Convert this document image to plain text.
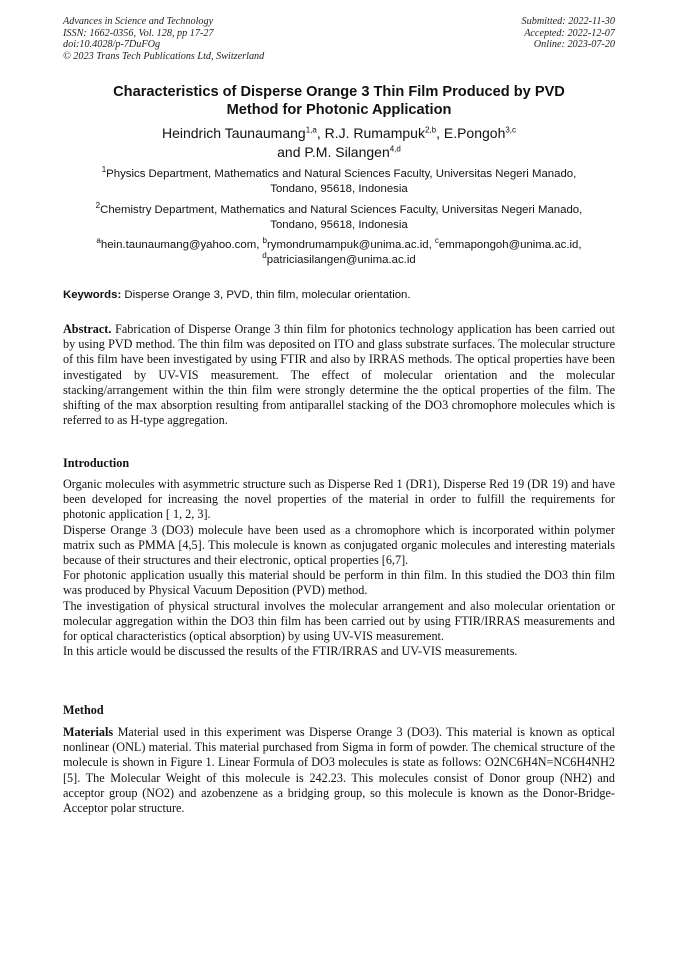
Advances in Science and Technology
ISSN: 1662-0356, Vol. 128, pp 17-27
doi:10.4028/p-7DuFOg
© 2023 Trans Tech Publications Ltd, Switzerland
Submitted: 2022-11-30
Accepted: 2022-12-07
Online: 2023-07-20
Characteristics of Disperse Orange 3 Thin Film Produced by PVD
Method for Photonic Application
Heindrich Taunaumang$^{1,a}$, R.J. Rumampuk$^{2,b}$, E.Pongoh$^{3,c}$
and P.M. Silangen$^{4,d}$
$^1$Physics Department, Mathematics and Natural Sciences Faculty, Universitas Negeri Manado,
Tondano, 95618, Indonesia
$^2$Chemistry Department, Mathematics and Natural Sciences Faculty, Universitas Negeri Manado,
Tondano, 95618, Indonesia
$^a$hein.taunaumang@yahoo.com, $^b$rymondrumampuk@unima.ac.id, $^c$emmapongoh@unima.ac.id,
$^d$patriciasilangen@unima.ac.id
Keywords: Disperse Orange 3, PVD, thin film, molecular orientation.

Abstract. Fabrication of Disperse Orange 3 thin film for photonics technology application has been carried out by using PVD method. The thin film was deposited on ITO and glass substrate surfaces. The molecular structure of this film have been investigated by using FTIR and also by IRRAS methods. The optical properties have been investigated by UV-VIS measurement. The effect of molecular orientation and the molecular stacking/arrangement within the thin film were strongly determine the the optical properties of the film. The shifting of the max absorption resulting from antiparallel stacking of the DO3 chromophore molecules which is referred to as H-type aggregation.

Introduction

Organic molecules with asymmetric structure such as Disperse Red 1 (DR1), Disperse Red 19 (DR 19) and have been developed for increasing the novel properties of the material in order to fulfill the requirements for photonic application [ 1, 2, 3].

Disperse Orange 3 (DO3) molecule have been used as a chromophore which is incorporated within polymer matrix such as PMMA [4,5]. This molecule is known as conjugated organic molecules and interesting materials because of their structures and their electronic, optical properties [6,7].

For photonic application usually this material should be perform in thin film. In this studied the DO3 thin film was produced by Physical Vacuum Deposition (PVD) method.

The investigation of physical structural involves the molecular arrangement and also molecular orientation or molecular aggregation within the DO3 thin film has been carried out by using FTIR/IRRAS measurements and for optical characteristics (optical absorption) by using UV-VIS measurement.

In this article would be discussed the results of the FTIR/IRRAS and UV-VIS measurements.

Method

Materials Material used in this experiment was Disperse Orange 3 (DO3). This material is known as optical nonlinear (ONL) material. This material purchased from Sigma in form of powder. The chemical structure of the molecule is shown in Figure 1. Linear Formula of DO3 molecules is state as follows: O2NC6H4N=NC6H4NH2 [5]. The Molecular Weight of this molecule is 242.23. This molecules consist of Donor group (NH2) and acceptor group (NO2) and azobenzene as a bridging group, so this molecule is known as the Donor-Bridge-Acceptor polar structure.
